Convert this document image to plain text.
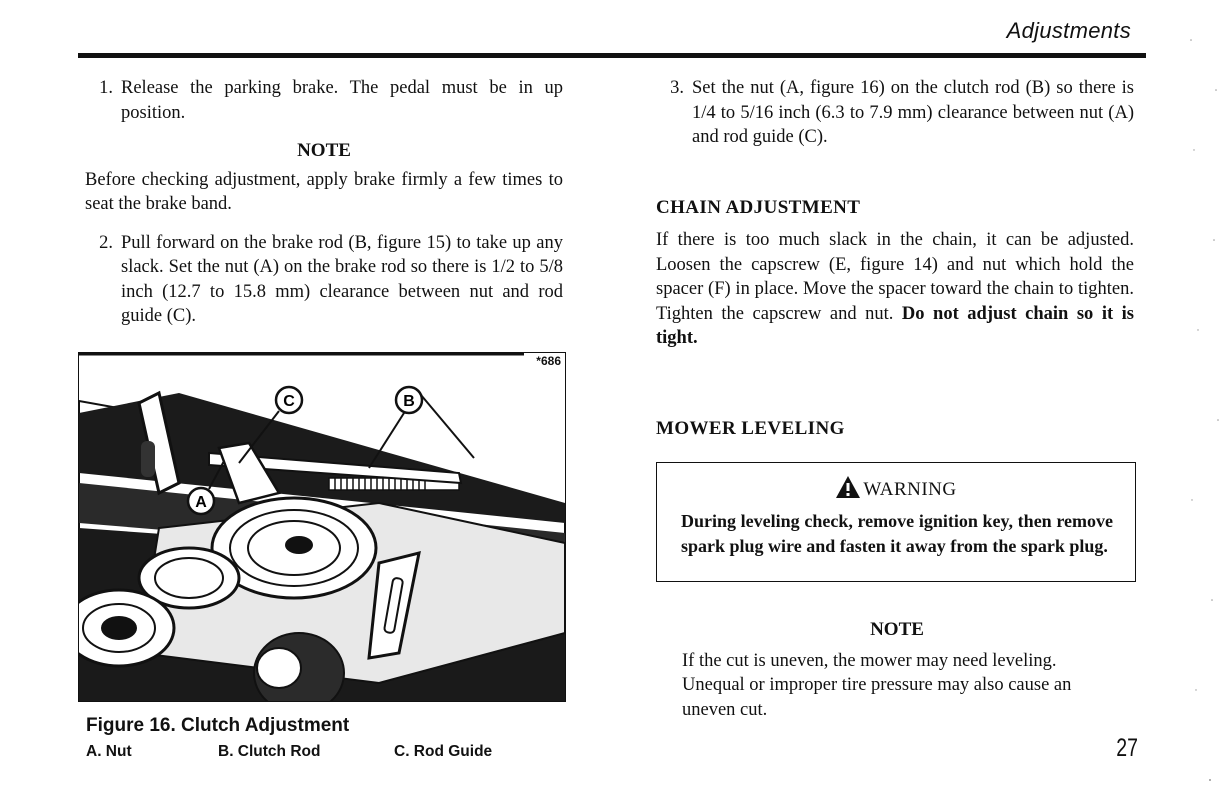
Adjustments
1. Release the parking brake. The pedal must be in up position.
NOTE
Before checking adjustment, apply brake firmly a few times to seat the brake band.
2. Pull forward on the brake rod (B, figure 15) to take up any slack. Set the nut (A) on the brake rod so there is 1/2 to 5/8 inch (12.7 to 15.8 mm) clearance between nut and rod guide (C).
*686
C	B
A
Figure 16. Clutch Adjustment
A. Nut	B. Clutch Rod	C. Rod Guide
3. Set the nut (A, figure 16) on the clutch rod (B) so there is 1/4 to 5/16 inch (6.3 to 7.9 mm) clearance between nut (A) and rod guide (C).
CHAIN ADJUSTMENT
If there is too much slack in the chain, it can be adjusted. Loosen the capscrew (E, figure 14) and nut which hold the spacer (F) in place. Move the spacer toward the chain to tighten. Tighten the capscrew and nut. Do not adjust chain so it is tight.
MOWER LEVELING
WARNING
During leveling check, remove ignition key, then remove spark plug wire and fasten it away from the spark plug.
NOTE
If the cut is uneven, the mower may need leveling. Unequal or improper tire pressure may also cause an uneven cut.
27
